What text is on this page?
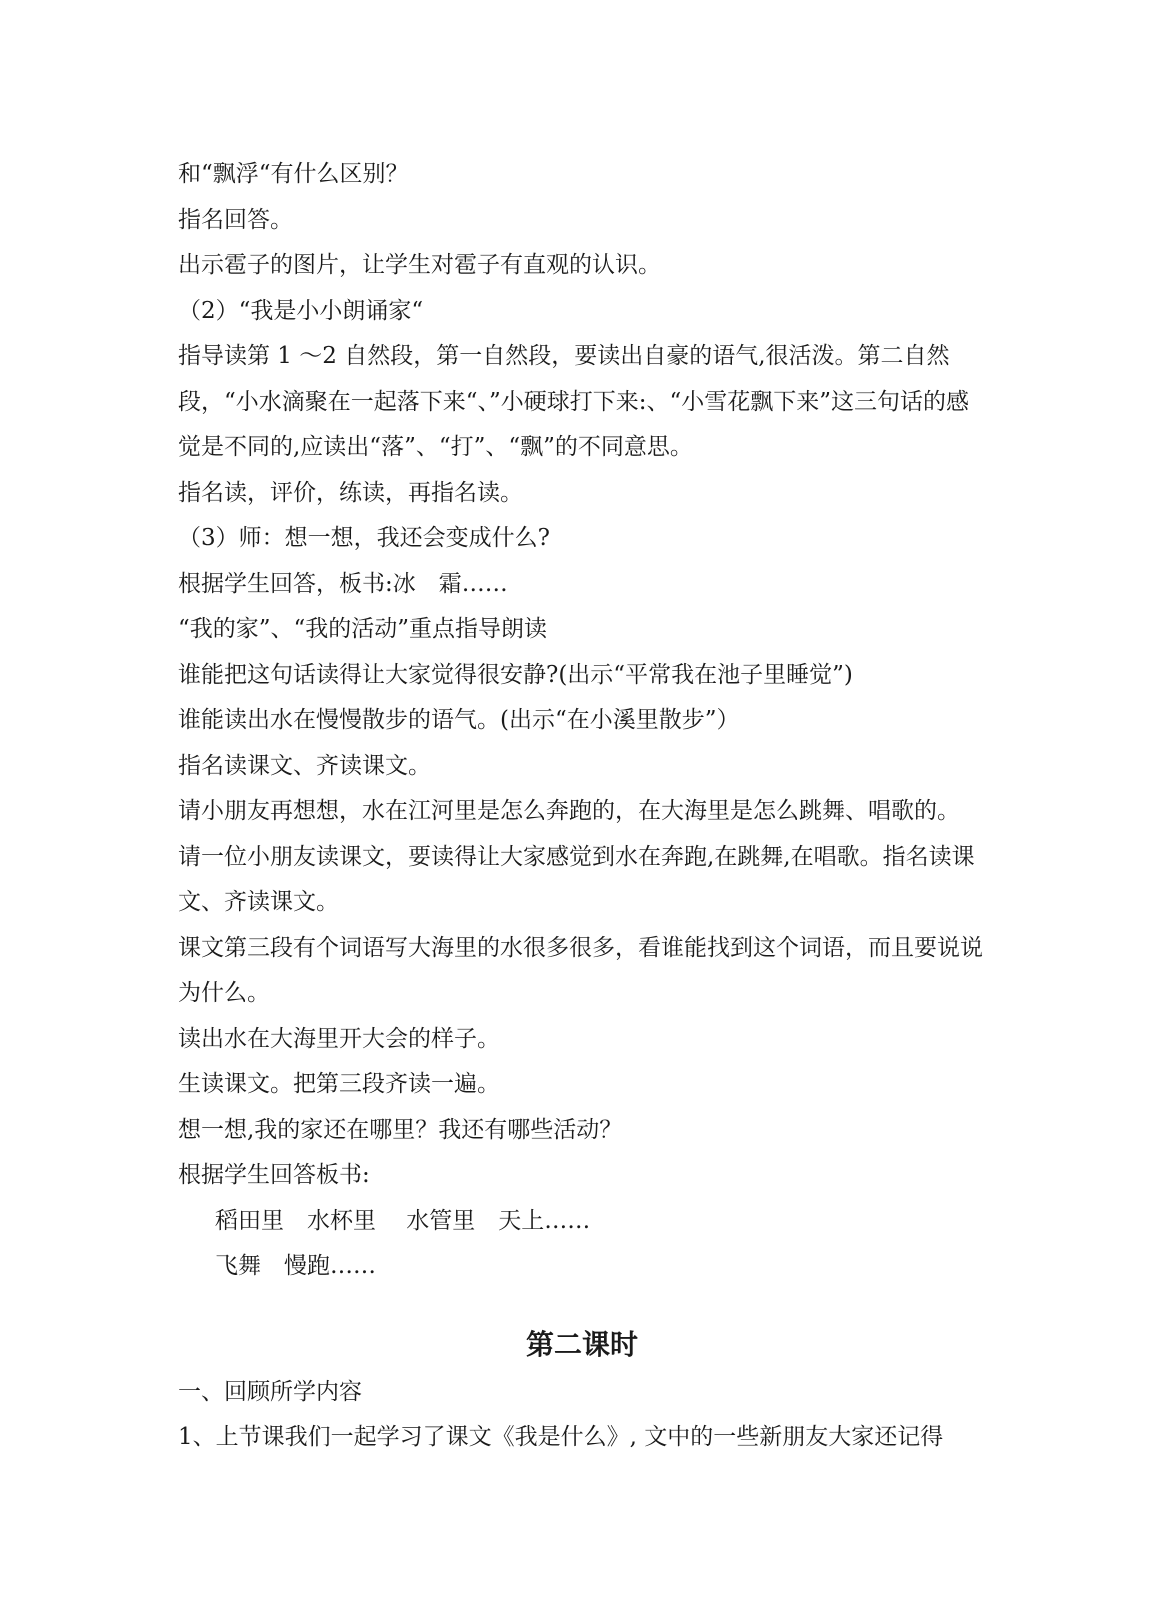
和“飘浮“有什么区别？

指名回答。

出示雹子的图片，让学生对雹子有直观的认识。

（2）“我是小小朗诵家“

指导读第 1 ～2 自然段，第一自然段，要读出自豪的语气,很活泼。第二自然段，“小水滴聚在一起落下来“、”小硬球打下来:、“小雪花飘下来”这三句话的感觉是不同的,应读出“落”、“打”、“飘”的不同意思。

指名读，评价，练读，再指名读。

（3）师：想一想，我还会变成什么?

根据学生回答，板书:冰　霜……

“我的家”、“我的活动”重点指导朗读

谁能把这句话读得让大家觉得很安静?(出示“平常我在池子里睡觉”)

谁能读出水在慢慢散步的语气。(出示“在小溪里散步”）

指名读课文、齐读课文。

请小朋友再想想，水在江河里是怎么奔跑的，在大海里是怎么跳舞、唱歌的。

请一位小朋友读课文，要读得让大家感觉到水在奔跑,在跳舞,在唱歌。指名读课文、齐读课文。

课文第三段有个词语写大海里的水很多很多，看谁能找到这个词语，而且要说说为什么。

读出水在大海里开大会的样子。

生读课文。把第三段齐读一遍。

想一想,我的家还在哪里？我还有哪些活动？

根据学生回答板书:

稻田里　水杯里　 水管里　天上……

飞舞　慢跑……

第二课时

一、回顾所学内容

1、上节课我们一起学习了课文《我是什么》, 文中的一些新朋友大家还记得
